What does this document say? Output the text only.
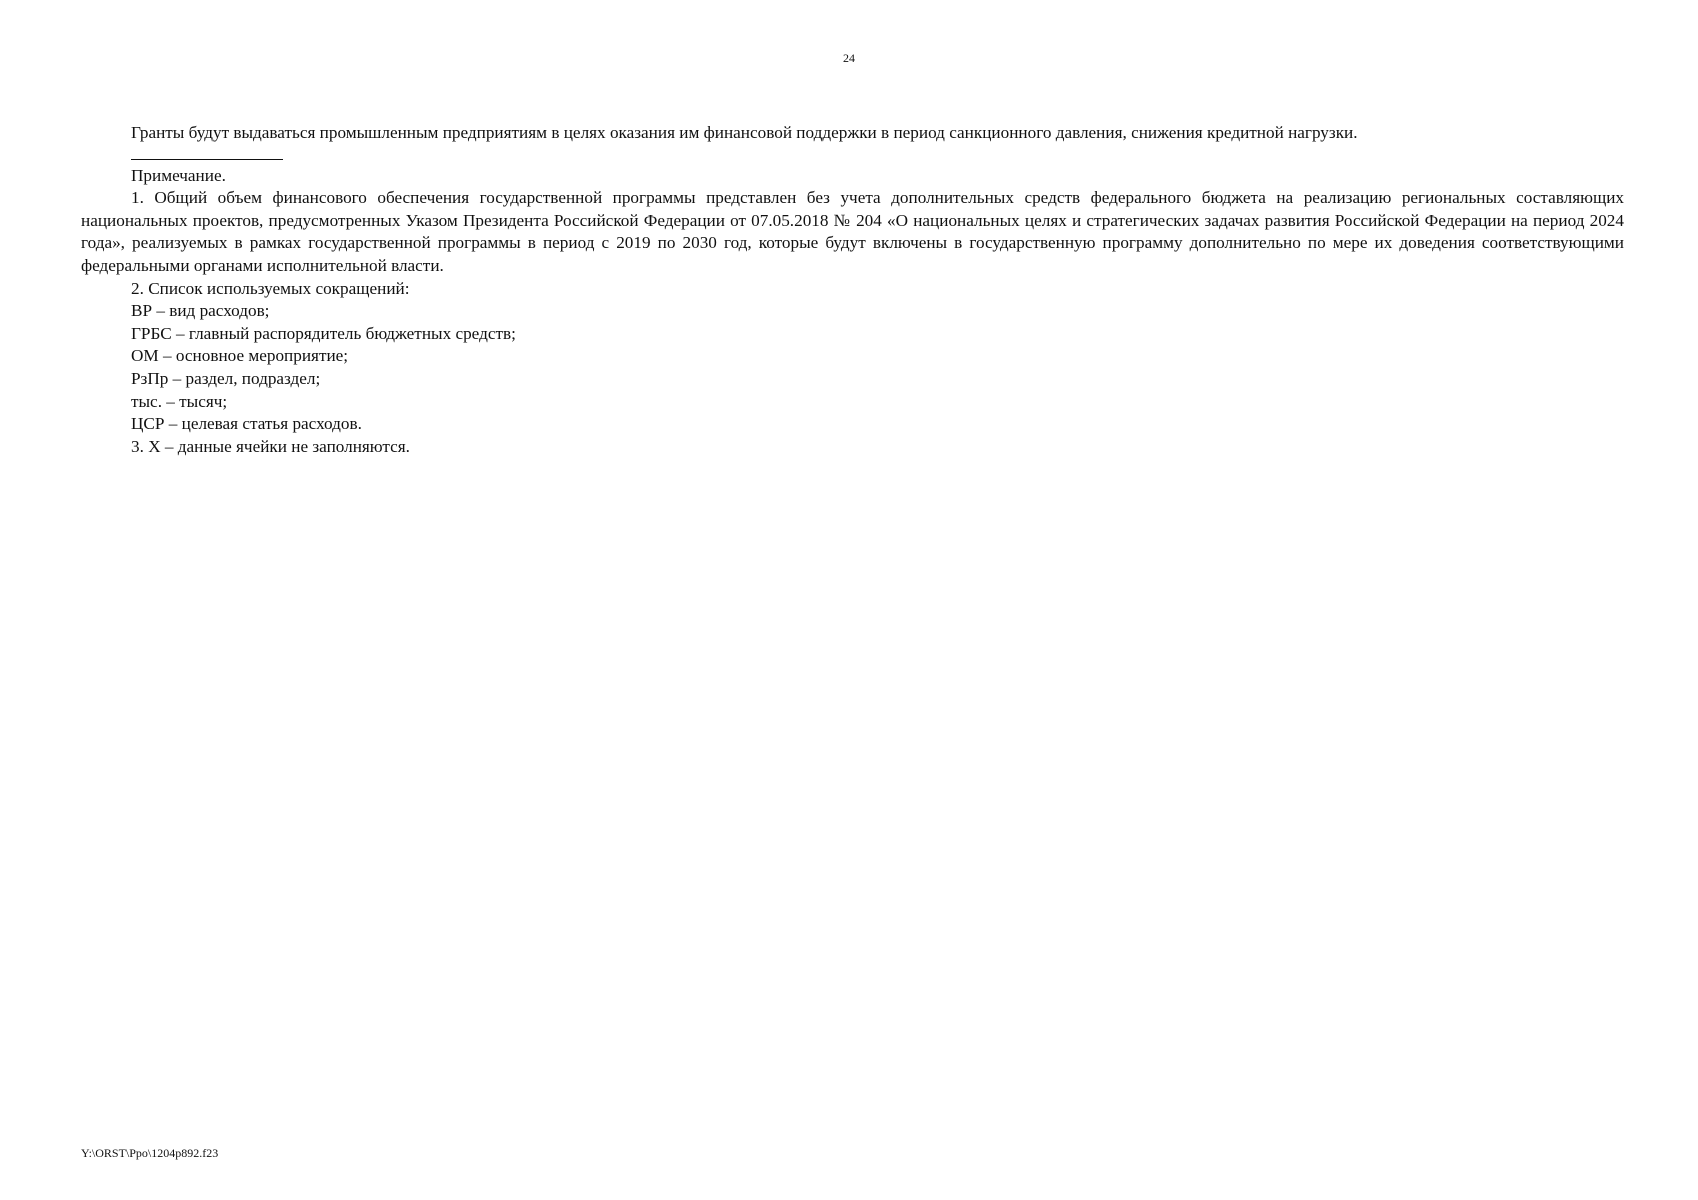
24

Гранты будут выдаваться промышленным предприятиям в целях оказания им финансовой поддержки в период санкционного давления, снижения кредитной нагрузки.

Примечание.

1. Общий объем финансового обеспечения государственной программы представлен без учета дополнительных средств федерального бюджета на реализацию региональных составляющих национальных проектов, предусмотренных Указом Президента Российской Федерации от 07.05.2018 № 204 «О национальных целях и стратегических задачах развития Российской Федерации на период 2024 года», реализуемых в рамках государственной программы в период с 2019 по 2030 год, которые будут включены в государственную программу дополнительно по мере их доведения соответствующими федеральными органами исполнительной власти.

2. Список используемых сокращений:

ВР – вид расходов;

ГРБС – главный распорядитель бюджетных средств;

ОМ – основное мероприятие;

РзПр – раздел, подраздел;

тыс. – тысяч;

ЦСР – целевая статья расходов.

3. Х – данные ячейки не заполняются.

Y:\ORST\Ppo\1204p892.f23
